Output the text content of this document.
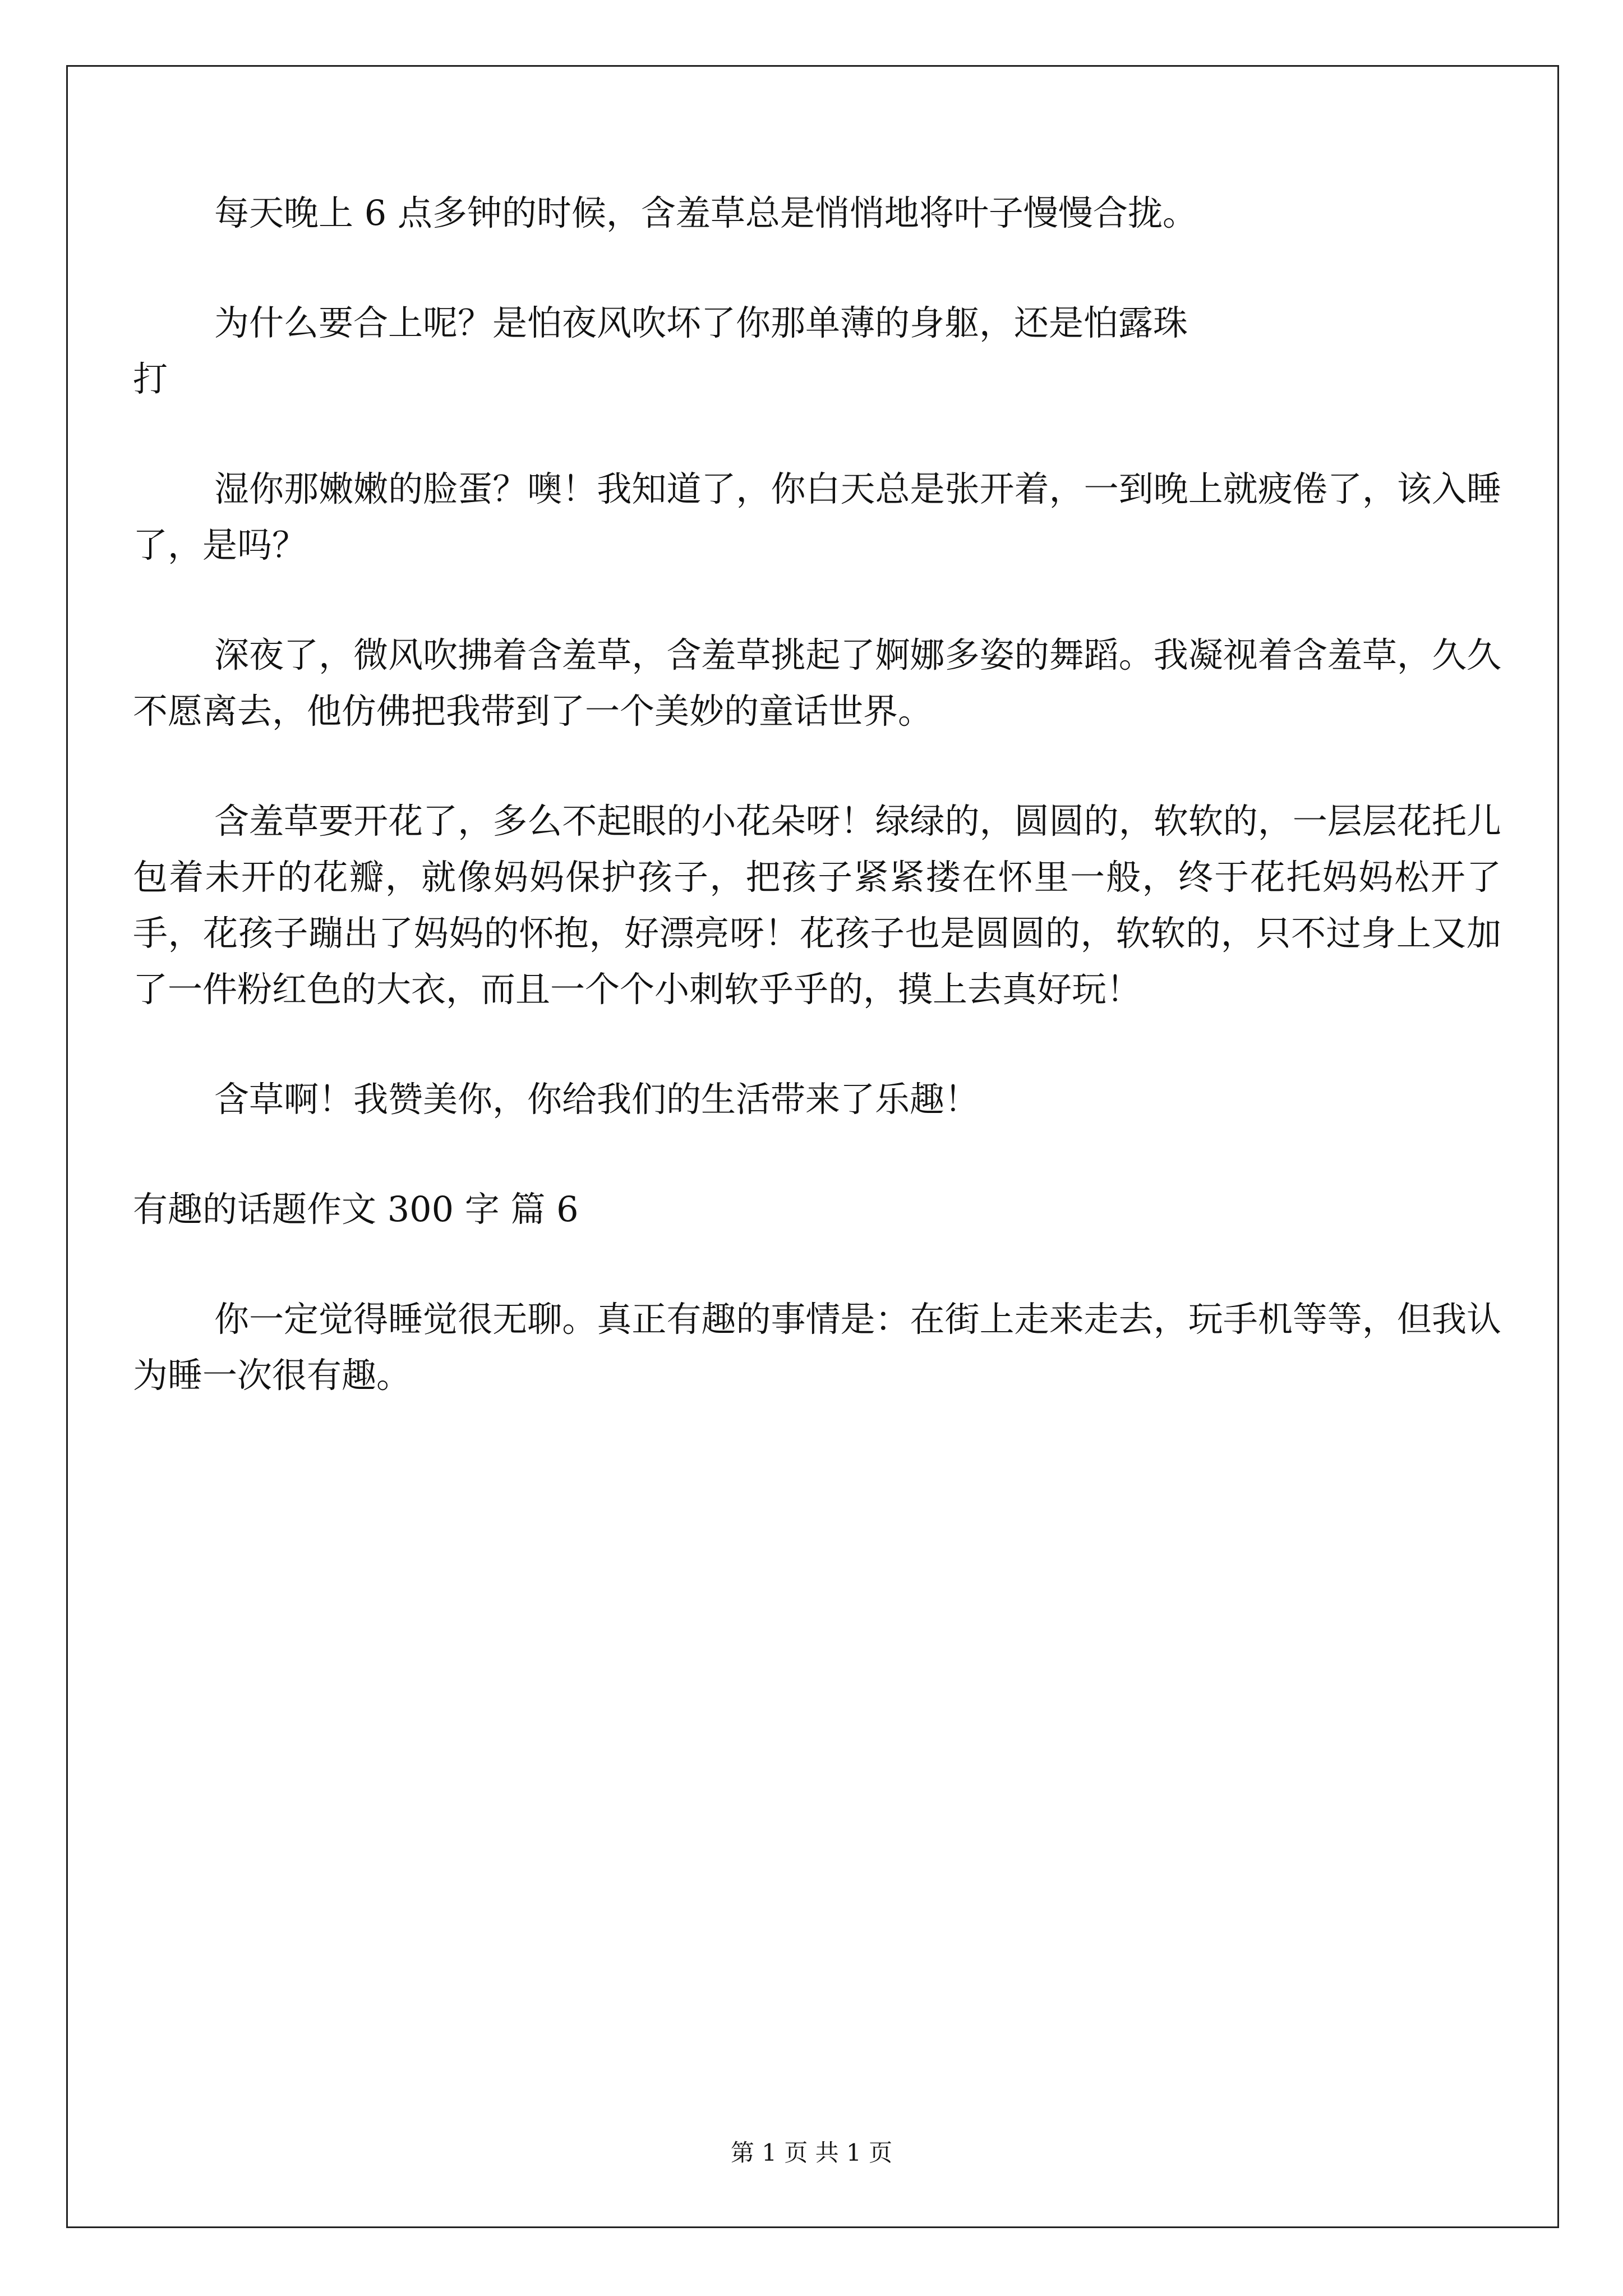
每天晚上 6 点多钟的时候，含羞草总是悄悄地将叶子慢慢合拢。

为什么要合上呢？是怕夜风吹坏了你那单薄的身躯，还是怕露珠

打

湿你那嫩嫩的脸蛋？噢！我知道了，你白天总是张开着，一到晚上就疲倦了，该入睡了，是吗？

深夜了，微风吹拂着含羞草，含羞草挑起了婀娜多姿的舞蹈。我凝视着含羞草，久久不愿离去，他仿佛把我带到了一个美妙的童话世界。

含羞草要开花了，多么不起眼的小花朵呀！绿绿的，圆圆的，软软的，一层层花托儿包着未开的花瓣，就像妈妈保护孩子，把孩子紧紧搂在怀里一般，终于花托妈妈松开了手，花孩子蹦出了妈妈的怀抱，好漂亮呀！花孩子也是圆圆的，软软的，只不过身上又加了一件粉红色的大衣，而且一个个小刺软乎乎的，摸上去真好玩！

含草啊！我赞美你，你给我们的生活带来了乐趣！

有趣的话题作文 300 字 篇 6

你一定觉得睡觉很无聊。真正有趣的事情是：在街上走来走去，玩手机等等，但我认为睡一次很有趣。

第 1 页 共 1 页
